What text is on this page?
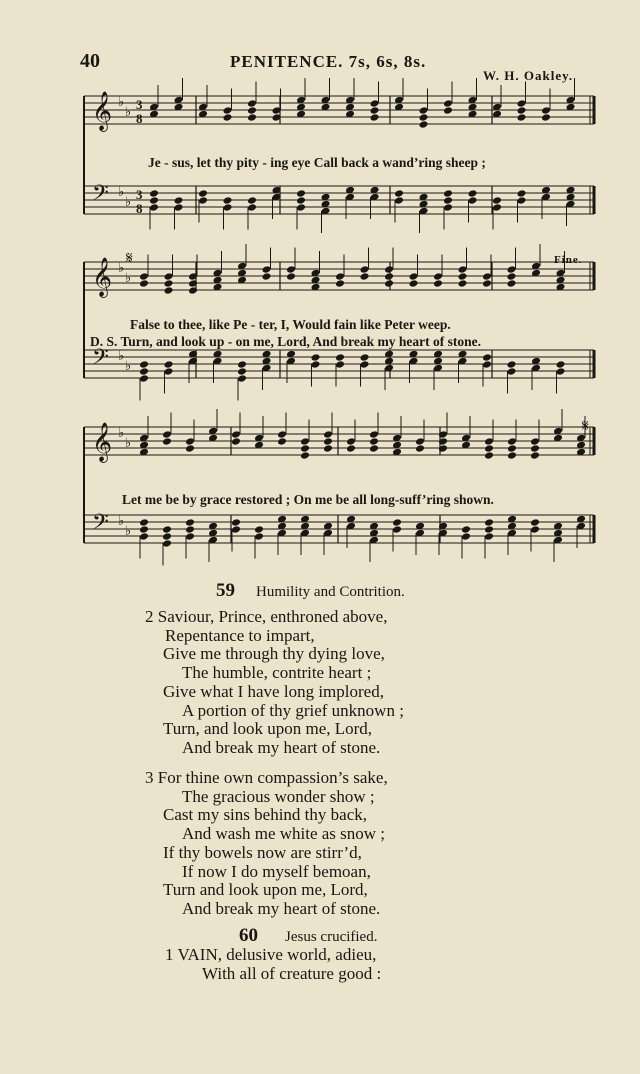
40	PENITENCE. 7s, 6s, 8s.
W. H. Oakley.
𝄞 ♭
♭ 3
8
𝄢 ♭
♭ 3
8
𝄞 ♭
♭
𝄢 ♭
♭
𝄞 ♭
♭
𝄢 ♭
♭
Je - sus, let thy pity - ing eye Call back a wand’ring sheep ;
False to thee, like Pe - ter, I, Would fain like Peter weep.
D. S. Turn, and look up - on me, Lord, And break my heart of stone.
Let me be by grace restored ; On me be all long-suff’ring shown.
Fine.
𝄋
𝄋
59 Humility and Contrition.
2 Saviour, Prince, enthroned above,
Repentance to impart,
Give me through thy dying love,
The humble, contrite heart ;
Give what I have long implored,
A portion of thy grief unknown ;
Turn, and look upon me, Lord,
And break my heart of stone.
3 For thine own compassion’s sake,
The gracious wonder show ;
Cast my sins behind thy back,
And wash me white as snow ;
If thy bowels now are stirr’d,
If now I do myself bemoan,
Turn and look upon me, Lord,
And break my heart of stone.
60 Jesus crucified.
1 VAIN, delusive world, adieu,
With all of creature good :
